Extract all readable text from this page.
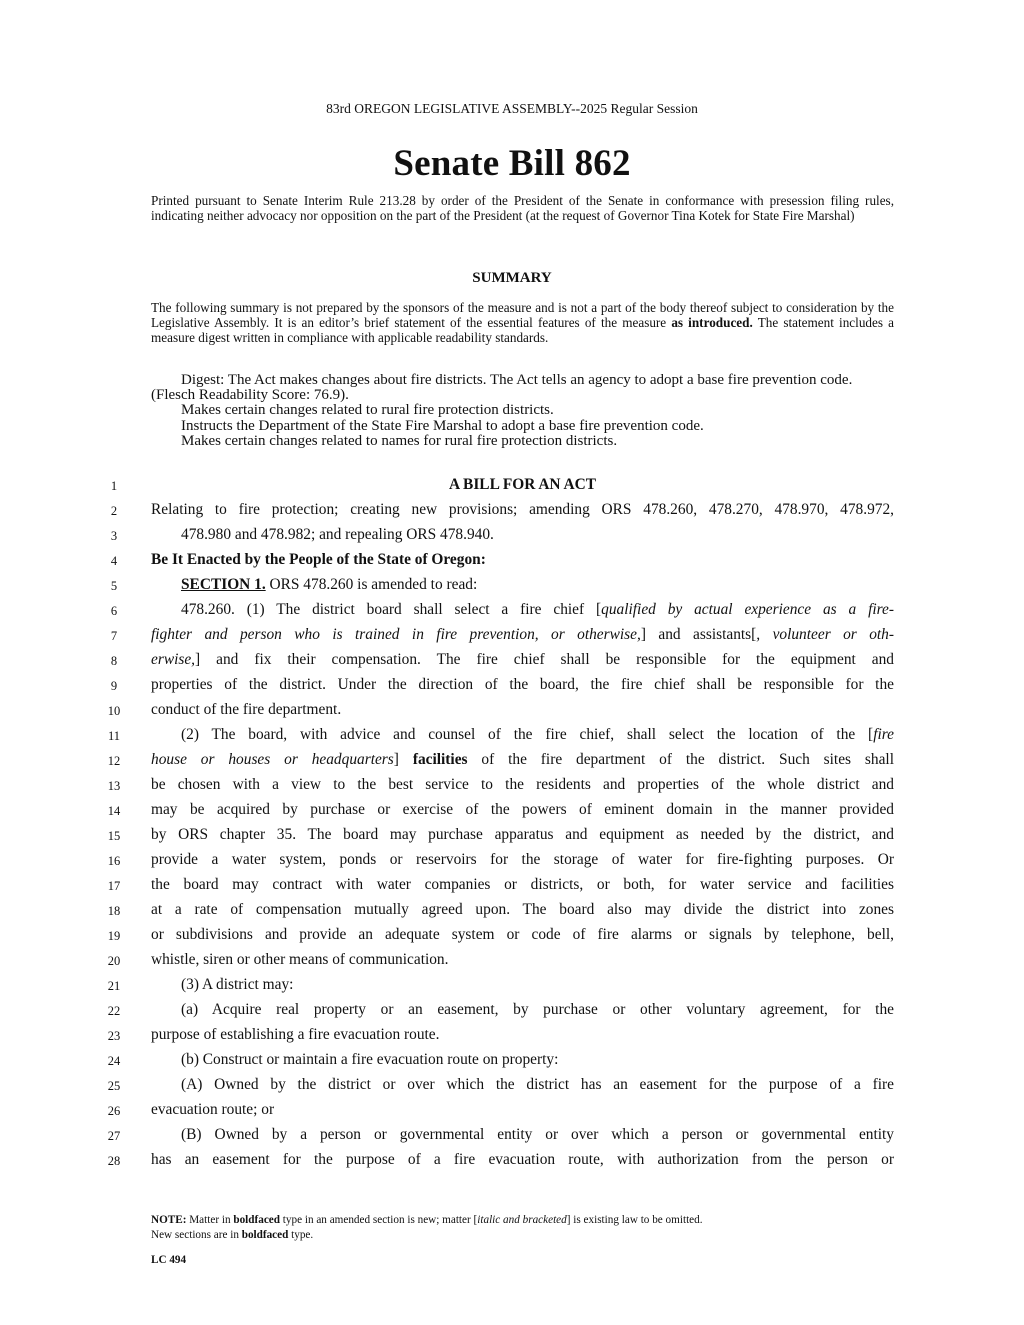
83rd OREGON LEGISLATIVE ASSEMBLY--2025 Regular Session
Senate Bill 862
Printed pursuant to Senate Interim Rule 213.28 by order of the President of the Senate in conformance with presession filing rules, indicating neither advocacy nor opposition on the part of the President (at the request of Governor Tina Kotek for State Fire Marshal)
SUMMARY
The following summary is not prepared by the sponsors of the measure and is not a part of the body thereof subject to consideration by the Legislative Assembly. It is an editor’s brief statement of the essential features of the measure as introduced. The statement includes a measure digest written in compliance with applicable readability standards.
Digest: The Act makes changes about fire districts. The Act tells an agency to adopt a base fire prevention code. (Flesch Readability Score: 76.9).
Makes certain changes related to rural fire protection districts.
Instructs the Department of the State Fire Marshal to adopt a base fire prevention code.
Makes certain changes related to names for rural fire protection districts.
1
2
3
4
5
6
7
8
9
10
11
12
13
14
15
16
17
18
19
20
21
22
23
24
25
26
27
28
A BILL FOR AN ACT
Relating to fire protection; creating new provisions; amending ORS 478.260, 478.270, 478.970, 478.972,
478.980 and 478.982; and repealing ORS 478.940.
Be It Enacted by the People of the State of Oregon:
SECTION 1. ORS 478.260 is amended to read:
478.260. (1) The district board shall select a fire chief [qualified by actual experience as a fire-
fighter and person who is trained in fire prevention, or otherwise,] and assistants[, volunteer or oth-
erwise,] and fix their compensation. The fire chief shall be responsible for the equipment and
properties of the district. Under the direction of the board, the fire chief shall be responsible for the
conduct of the fire department.
(2) The board, with advice and counsel of the fire chief, shall select the location of the [fire
house or houses or headquarters] facilities of the fire department of the district. Such sites shall
be chosen with a view to the best service to the residents and properties of the whole district and
may be acquired by purchase or exercise of the powers of eminent domain in the manner provided
by ORS chapter 35. The board may purchase apparatus and equipment as needed by the district, and
provide a water system, ponds or reservoirs for the storage of water for fire-fighting purposes. Or
the board may contract with water companies or districts, or both, for water service and facilities
at a rate of compensation mutually agreed upon. The board also may divide the district into zones
or subdivisions and provide an adequate system or code of fire alarms or signals by telephone, bell,
whistle, siren or other means of communication.
(3) A district may:
(a) Acquire real property or an easement, by purchase or other voluntary agreement, for the
purpose of establishing a fire evacuation route.
(b) Construct or maintain a fire evacuation route on property:
(A) Owned by the district or over which the district has an easement for the purpose of a fire
evacuation route; or
(B) Owned by a person or governmental entity or over which a person or governmental entity
has an easement for the purpose of a fire evacuation route, with authorization from the person or
NOTE: Matter in boldfaced type in an amended section is new; matter [italic and bracketed] is existing law to be omitted.
New sections are in boldfaced type.
LC 494
